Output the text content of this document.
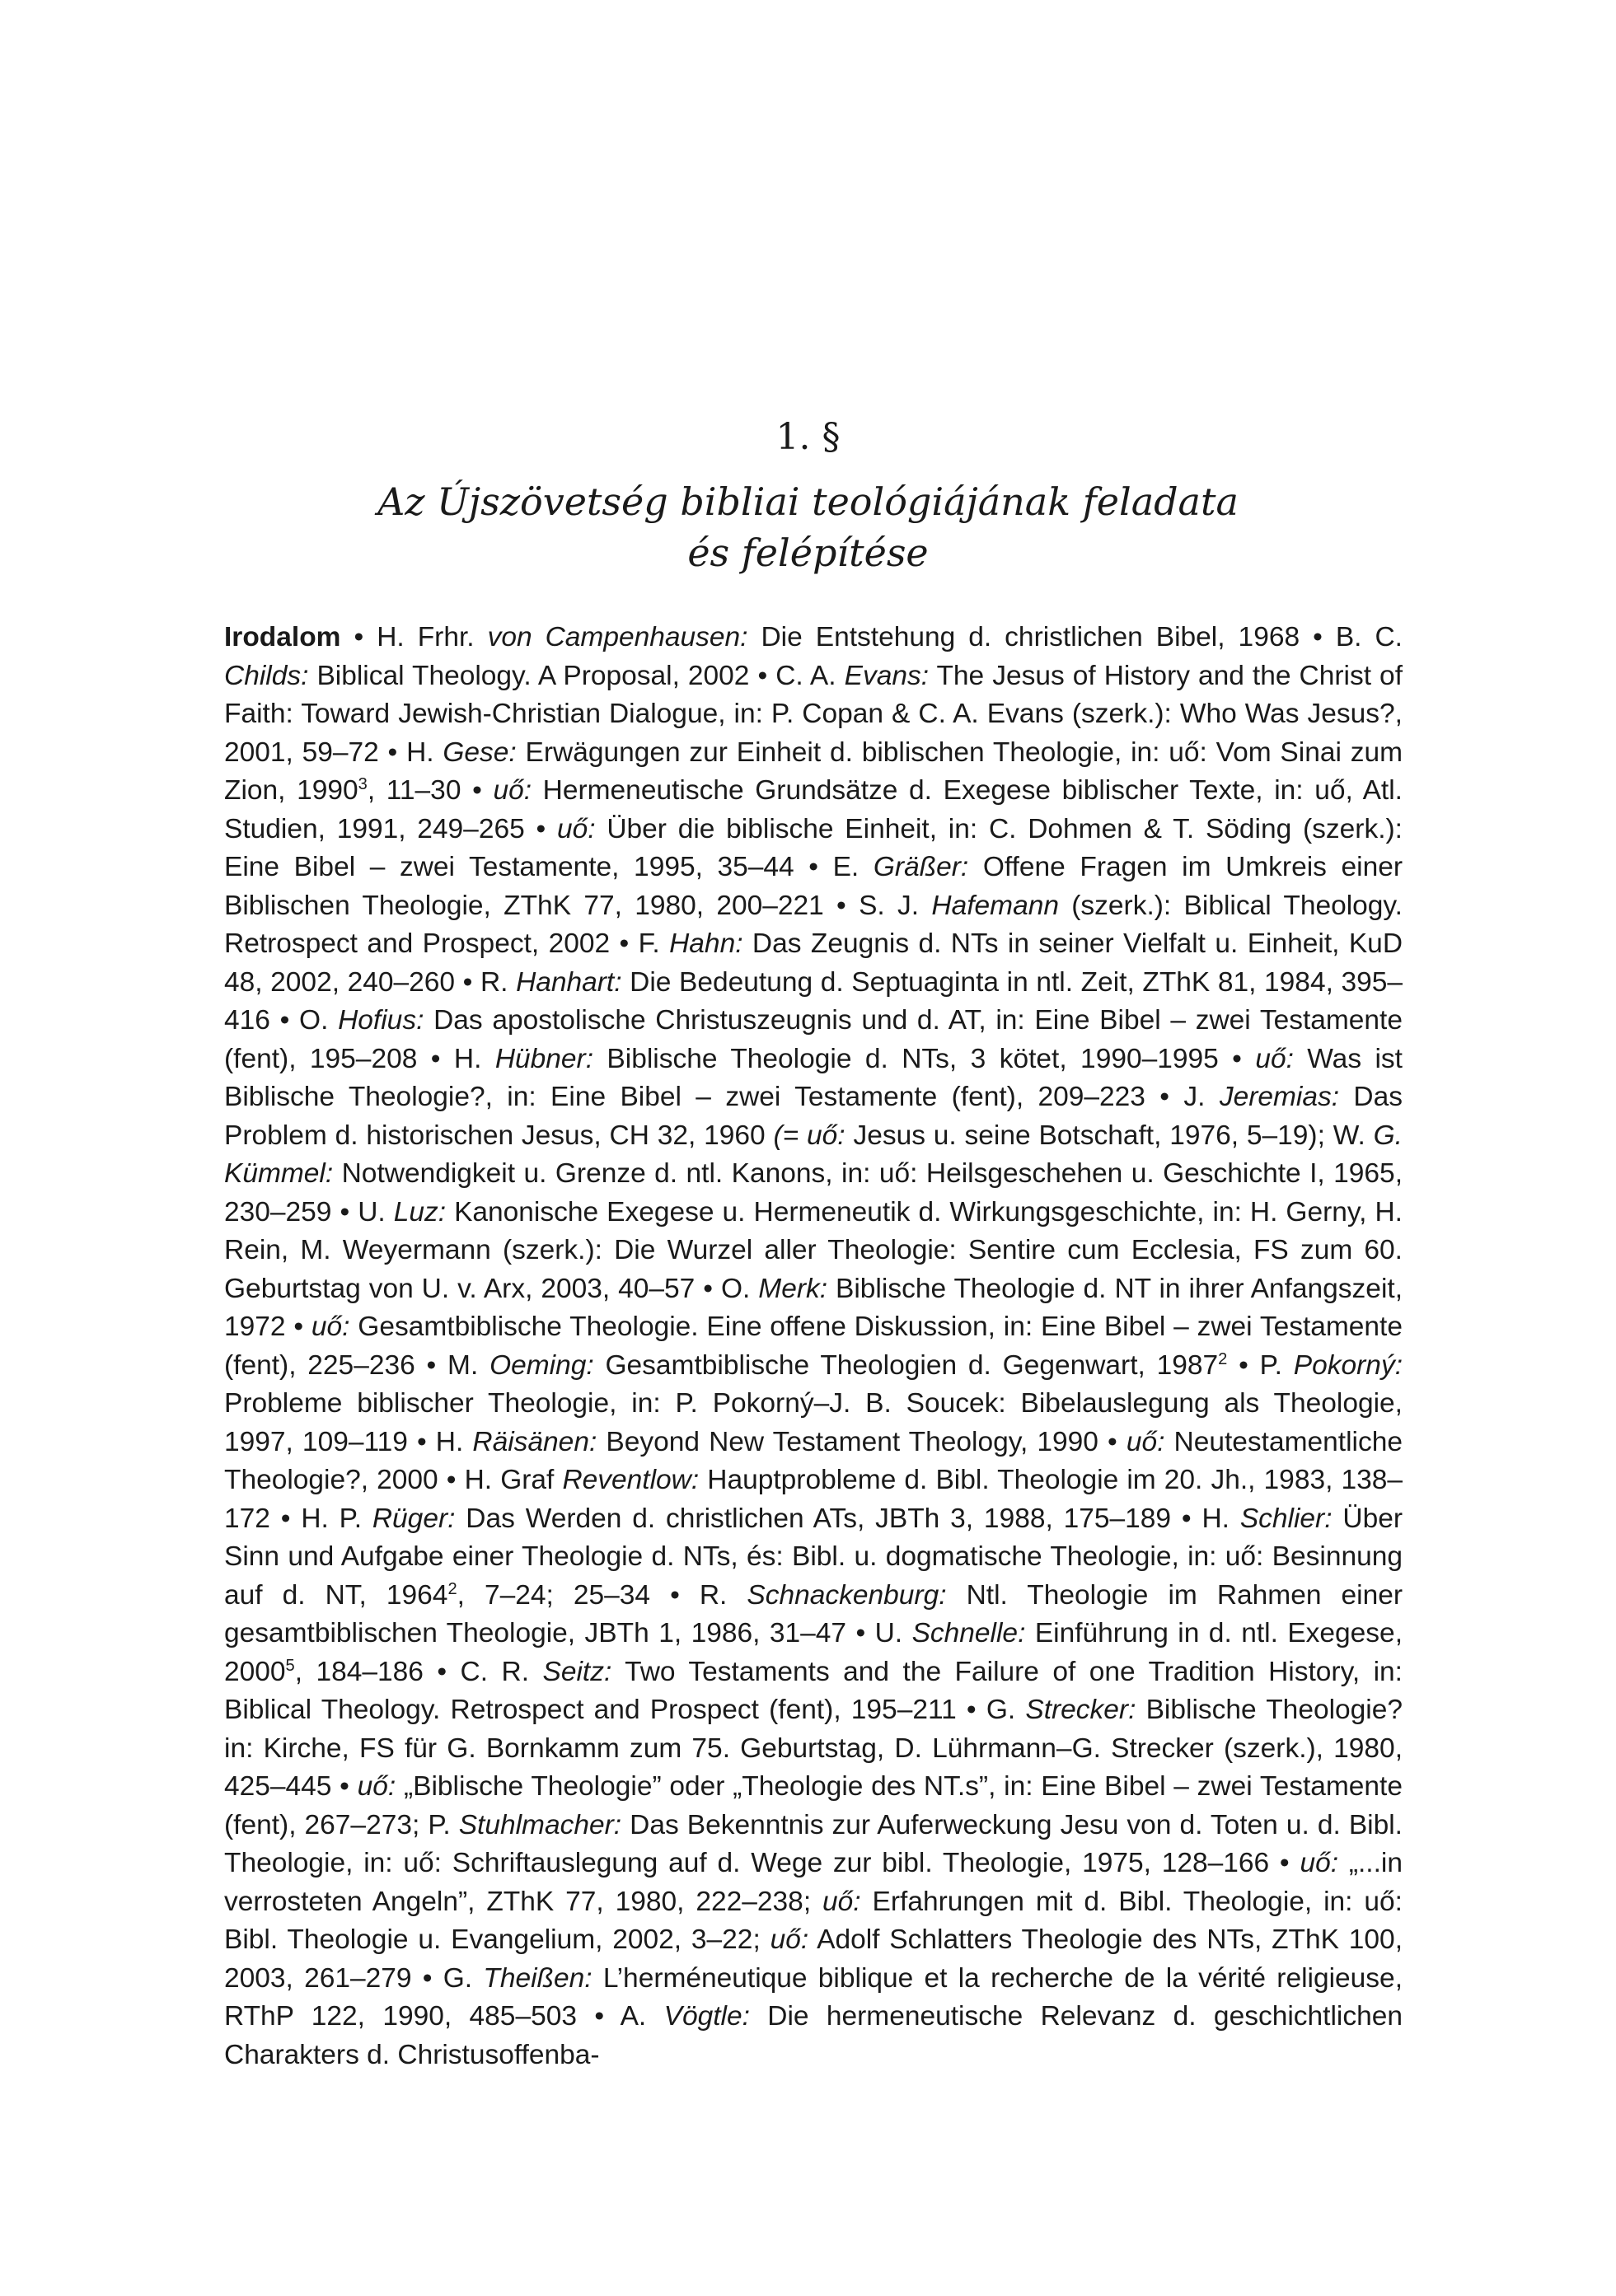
1. §
Az Újszövetség bibliai teológiájának feladata
és felépítése

Irodalom • H. Frhr. von Campenhausen: Die Entstehung d. christlichen Bibel, 1968 • B. C. Childs: Biblical Theology. A Proposal, 2002 • C. A. Evans: The Jesus of History and the Christ of Faith: Toward Jewish-Christian Dialogue, in: P. Copan & C. A. Evans (szerk.): Who Was Jesus?, 2001, 59–72 • H. Gese: Erwägungen zur Einheit d. biblischen Theologie, in: uő: Vom Sinai zum Zion, 1990$^3$, 11–30 • uő: Hermeneutische Grundsätze d. Exegese biblischer Texte, in: uő, Atl. Studien, 1991, 249–265 • uő: Über die biblische Einheit, in: C. Dohmen & T. Söding (szerk.): Eine Bibel – zwei Testamente, 1995, 35–44 • E. Gräßer: Offene Fragen im Umkreis einer Biblischen Theologie, ZThK 77, 1980, 200–221 • S. J. Hafemann (szerk.): Biblical Theology. Retrospect and Prospect, 2002 • F. Hahn: Das Zeugnis d. NTs in seiner Vielfalt u. Einheit, KuD 48, 2002, 240–260 • R. Hanhart: Die Bedeutung d. Septuaginta in ntl. Zeit, ZThK 81, 1984, 395–416 • O. Hofius: Das apostolische Christuszeugnis und d. AT, in: Eine Bibel – zwei Testamente (fent), 195–208 • H. Hübner: Biblische Theologie d. NTs, 3 kötet, 1990–1995 • uő: Was ist Biblische Theologie?, in: Eine Bibel – zwei Testamente (fent), 209–223 • J. Jeremias: Das Problem d. historischen Jesus, CH 32, 1960 (= uő: Jesus u. seine Botschaft, 1976, 5–19); W. G. Kümmel: Notwendigkeit u. Grenze d. ntl. Kanons, in: uő: Heilsgeschehen u. Geschichte I, 1965, 230–259 • U. Luz: Kanonische Exegese u. Hermeneutik d. Wirkungsgeschichte, in: H. Gerny, H. Rein, M. Weyermann (szerk.): Die Wurzel aller Theologie: Sentire cum Ecclesia, FS zum 60. Geburtstag von U. v. Arx, 2003, 40–57 • O. Merk: Biblische Theologie d. NT in ihrer Anfangszeit, 1972 • uő: Gesamtbiblische Theologie. Eine offene Diskussion, in: Eine Bibel – zwei Testamente (fent), 225–236 • M. Oeming: Gesamtbiblische Theologien d. Gegenwart, 1987$^2$ • P. Pokorný: Probleme biblischer Theologie, in: P. Pokorný–J. B. Soucek: Bibelauslegung als Theologie, 1997, 109–119 • H. Räisänen: Beyond New Testament Theology, 1990 • uő: Neutestamentliche Theologie?, 2000 • H. Graf Reventlow: Hauptprobleme d. Bibl. Theologie im 20. Jh., 1983, 138–172 • H. P. Rüger: Das Werden d. christlichen ATs, JBTh 3, 1988, 175–189 • H. Schlier: Über Sinn und Aufgabe einer Theologie d. NTs, és: Bibl. u. dogmatische Theologie, in: uő: Besinnung auf d. NT, 1964$^2$, 7–24; 25–34 • R. Schnackenburg: Ntl. Theologie im Rahmen einer gesamtbiblischen Theologie, JBTh 1, 1986, 31–47 • U. Schnelle: Einführung in d. ntl. Exegese, 2000$^5$, 184–186 • C. R. Seitz: Two Testaments and the Failure of one Tradition History, in: Biblical Theology. Retrospect and Prospect (fent), 195–211 • G. Strecker: Biblische Theologie? in: Kirche, FS für G. Bornkamm zum 75. Geburtstag, D. Lührmann–G. Strecker (szerk.), 1980, 425–445 • uő: „Biblische Theologie” oder „Theologie des NT.s”, in: Eine Bibel – zwei Testamente (fent), 267–273; P. Stuhlmacher: Das Bekenntnis zur Auferweckung Jesu von d. Toten u. d. Bibl. Theologie, in: uő: Schriftauslegung auf d. Wege zur bibl. Theologie, 1975, 128–166 • uő: „...in verrosteten Angeln”, ZThK 77, 1980, 222–238; uő: Erfahrungen mit d. Bibl. Theologie, in: uő: Bibl. Theologie u. Evangelium, 2002, 3–22; uő: Adolf Schlatters Theologie des NTs, ZThK 100, 2003, 261–279 • G. Theißen: L’herméneutique biblique et la recherche de la vérité religieuse, RThP 122, 1990, 485–503 • A. Vögtle: Die hermeneutische Relevanz d. geschichtlichen Charakters d. Christusoffenba-
